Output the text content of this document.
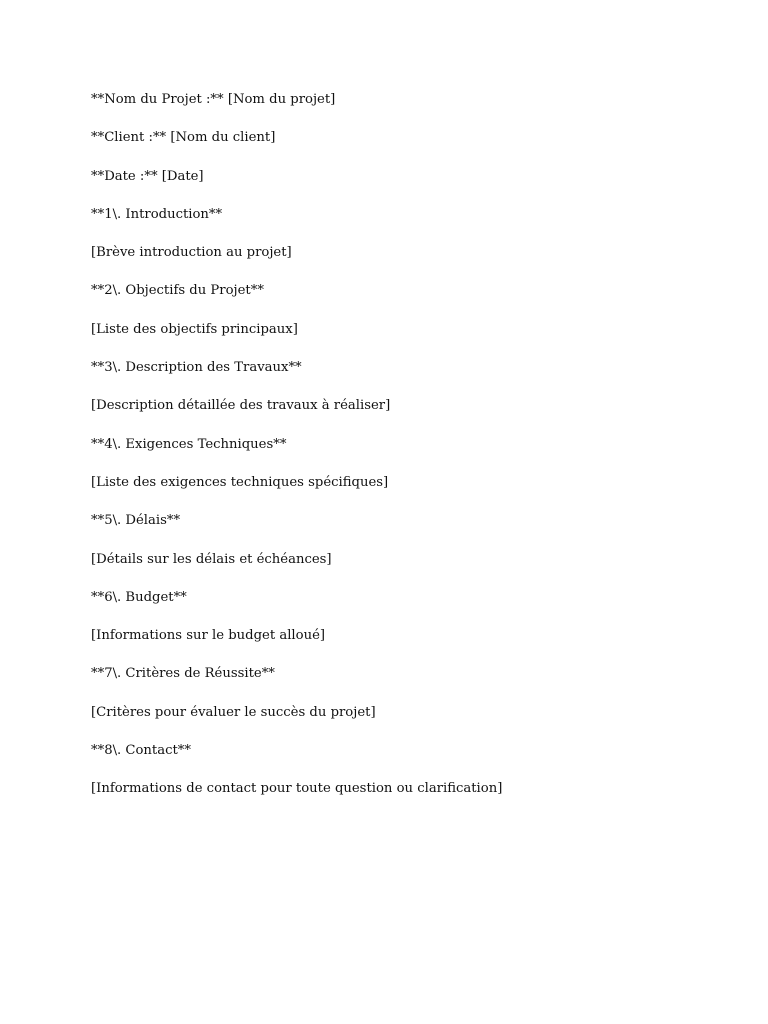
**Nom du Projet :** [Nom du projet]
**Client :** [Nom du client]
**Date :** [Date]
**1\. Introduction**
[Brève introduction au projet]
**2\. Objectifs du Projet**
[Liste des objectifs principaux]
**3\. Description des Travaux**
[Description détaillée des travaux à réaliser]
**4\. Exigences Techniques**
[Liste des exigences techniques spécifiques]
**5\. Délais**
[Détails sur les délais et échéances]
**6\. Budget**
[Informations sur le budget alloué]
**7\. Critères de Réussite**
[Critères pour évaluer le succès du projet]
**8\. Contact**
[Informations de contact pour toute question ou clarification]
